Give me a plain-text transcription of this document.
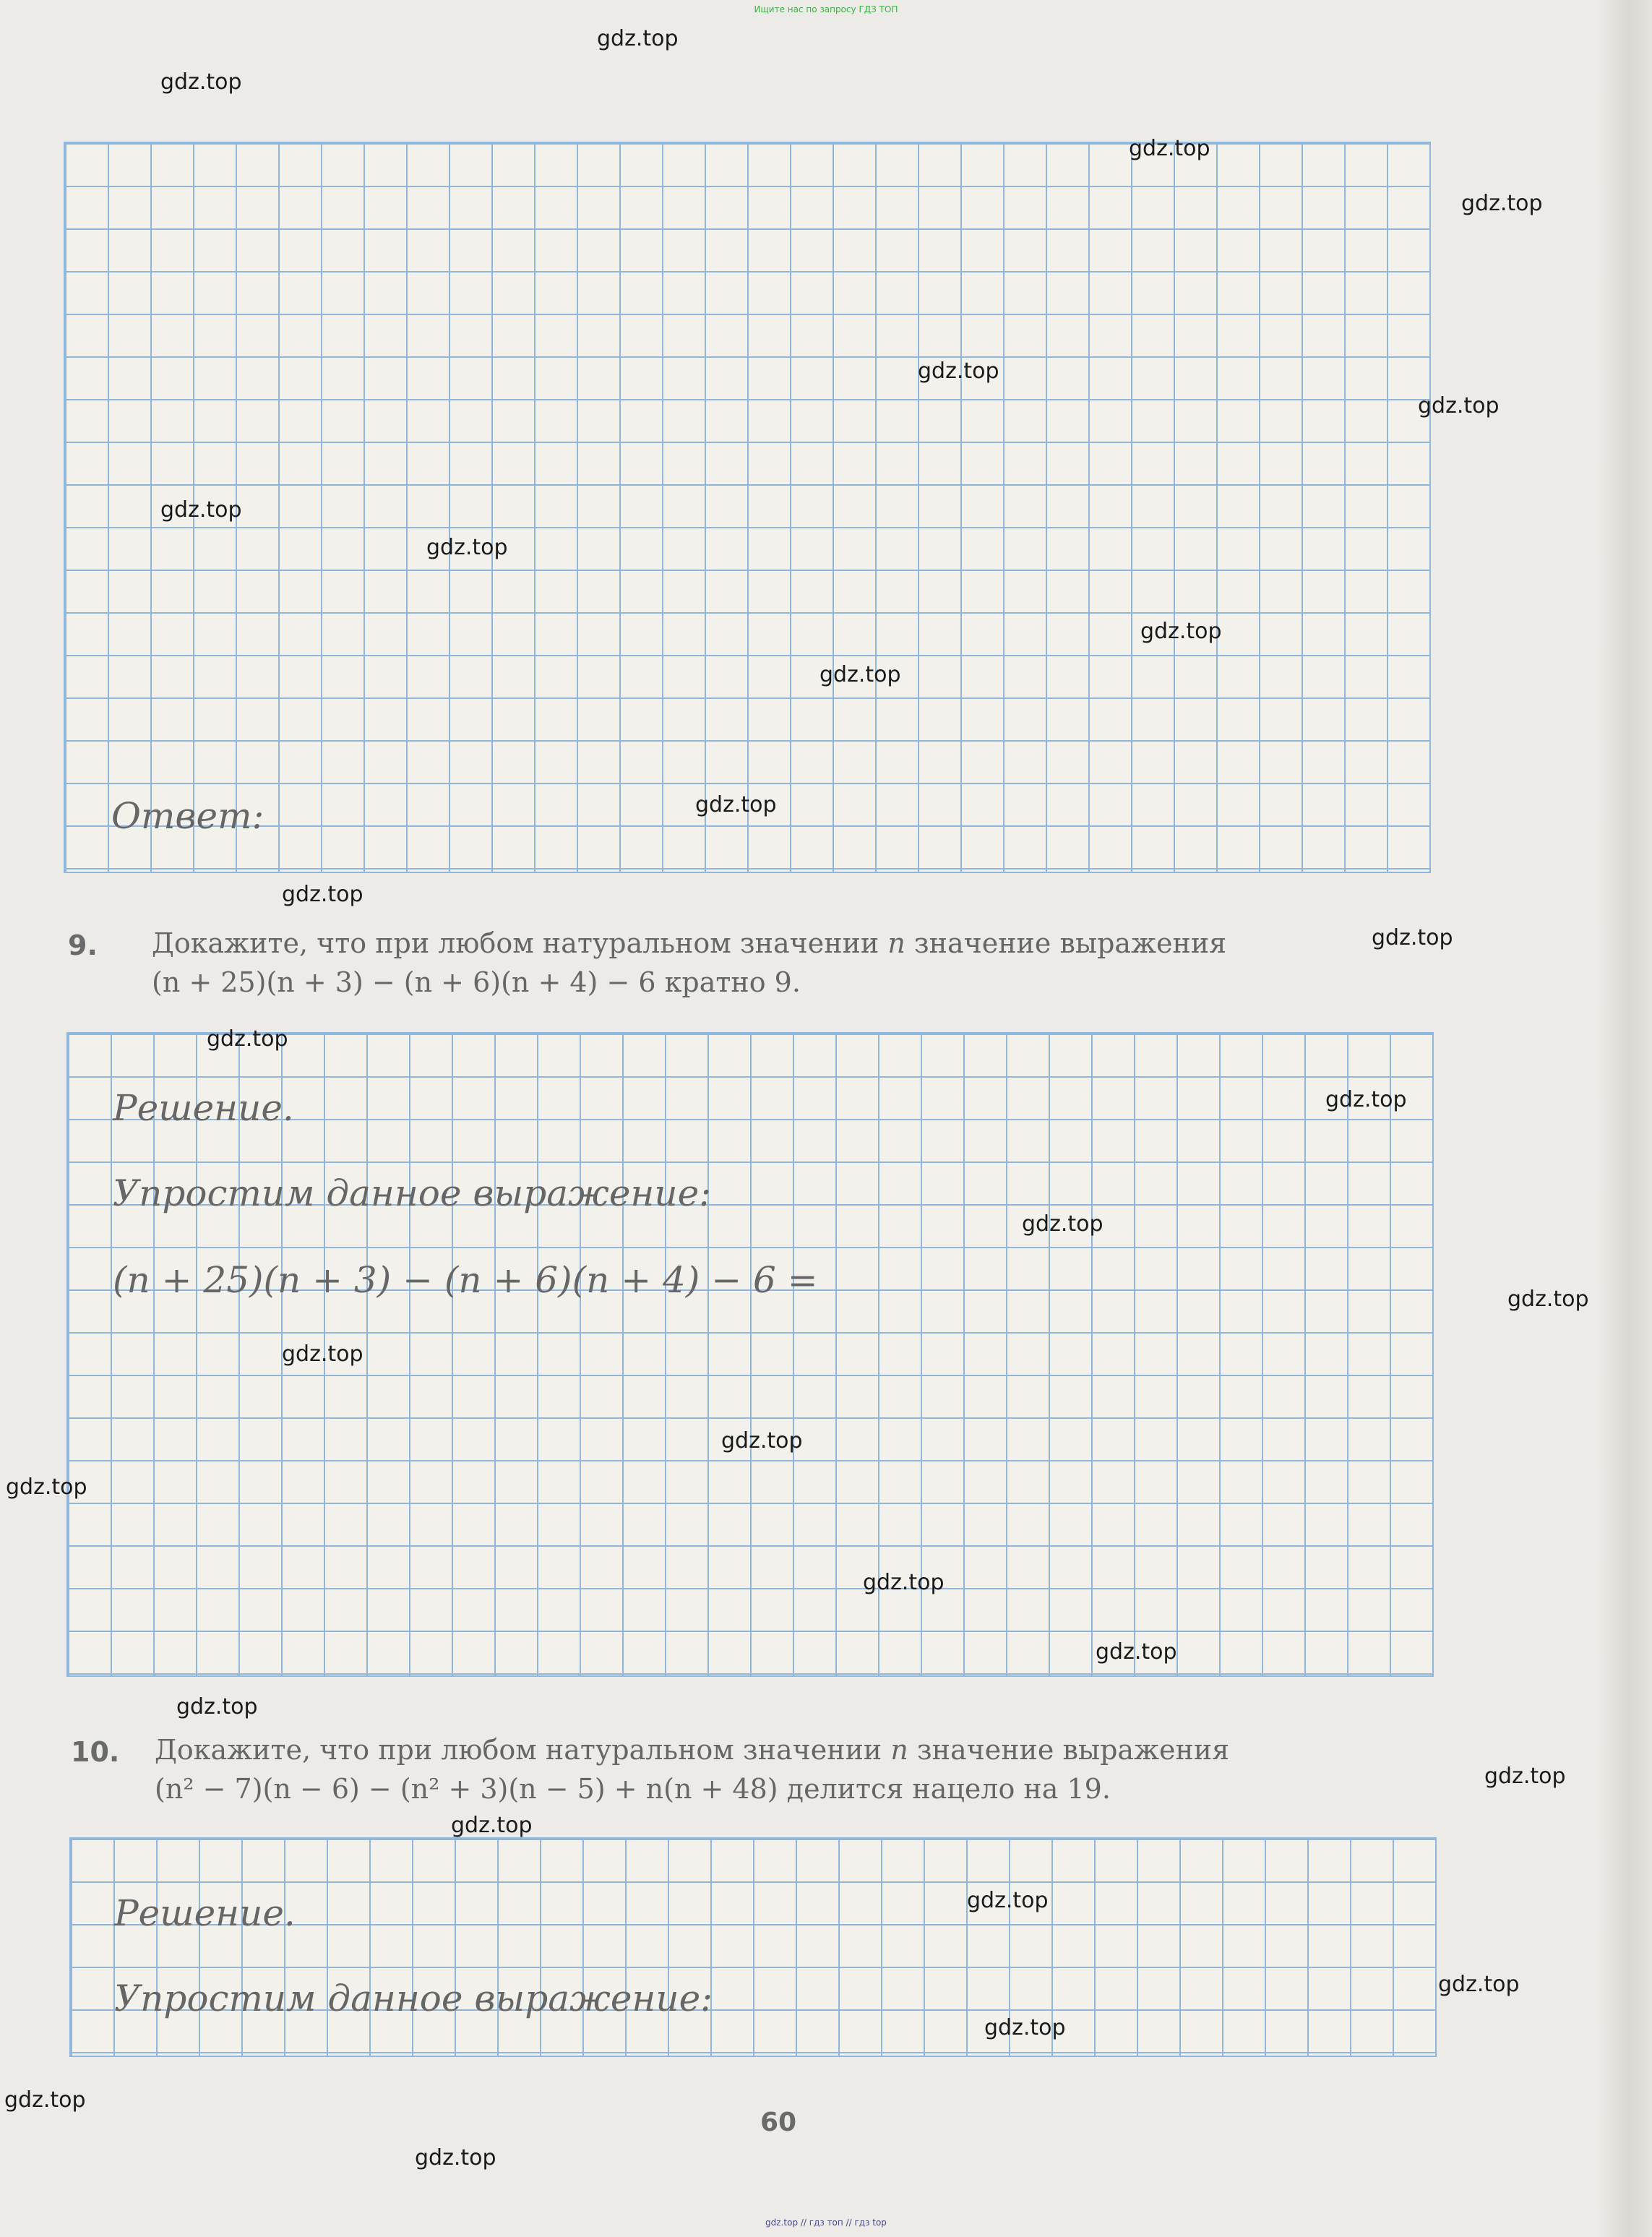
Ищите нас по запросу ГДЗ ТОП
Ответ:
9. Докажите, что при любом натуральном значении n значение выражения
(n + 25)(n + 3) − (n + 6)(n + 4) − 6 кратно 9.
Решение.
Упростим данное выражение:
(n + 25)(n + 3) − (n + 6)(n + 4) − 6 =
10. Докажите, что при любом натуральном значении n значение выражения
(n² − 7)(n − 6) − (n² + 3)(n − 5) + n(n + 48) делится нацело на 19.
Решение.
Упростим данное выражение:
60
gdz.top
gdz.top
gdz.top
gdz.top
gdz.top
gdz.top
gdz.top
gdz.top
gdz.top
gdz.top
gdz.top
gdz.top
gdz.top
gdz.top
gdz.top
gdz.top
gdz.top
gdz.top
gdz.top
gdz.top
gdz.top
gdz.top
gdz.top
gdz.top
gdz.top
gdz.top
gdz.top
gdz.top
gdz.top
gdz.top
gdz.top // гдз топ // гдз top
